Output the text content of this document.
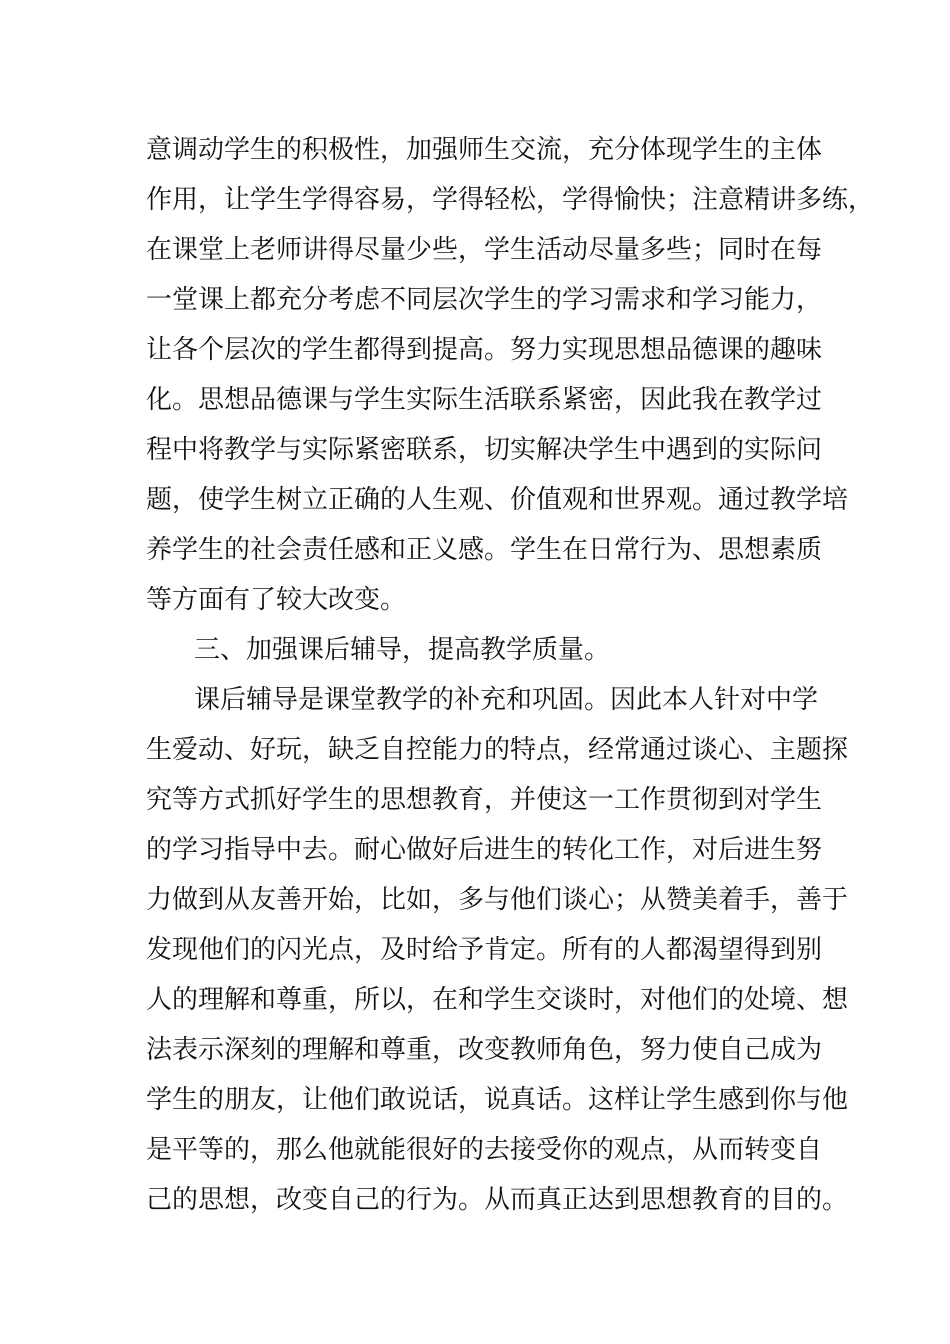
意调动学生的积极性，加强师生交流，充分体现学生的主体
作用，让学生学得容易，学得轻松，学得愉快；注意精讲多练，
在课堂上老师讲得尽量少些，学生活动尽量多些；同时在每
一堂课上都充分考虑不同层次学生的学习需求和学习能力，
让各个层次的学生都得到提高。努力实现思想品德课的趣味
化。思想品德课与学生实际生活联系紧密，因此我在教学过
程中将教学与实际紧密联系，切实解决学生中遇到的实际问
题，使学生树立正确的人生观、价值观和世界观。通过教学培
养学生的社会责任感和正义感。学生在日常行为、思想素质
等方面有了较大改变。
三、加强课后辅导，提高教学质量。
课后辅导是课堂教学的补充和巩固。因此本人针对中学
生爱动、好玩，缺乏自控能力的特点，经常通过谈心、主题探
究等方式抓好学生的思想教育，并使这一工作贯彻到对学生
的学习指导中去。耐心做好后进生的转化工作，对后进生努
力做到从友善开始，比如，多与他们谈心；从赞美着手，善于
发现他们的闪光点，及时给予肯定。所有的人都渴望得到别
人的理解和尊重，所以，在和学生交谈时，对他们的处境、想
法表示深刻的理解和尊重，改变教师角色，努力使自己成为
学生的朋友，让他们敢说话，说真话。这样让学生感到你与他
是平等的，那么他就能很好的去接受你的观点，从而转变自
己的思想，改变自己的行为。从而真正达到思想教育的目的。
